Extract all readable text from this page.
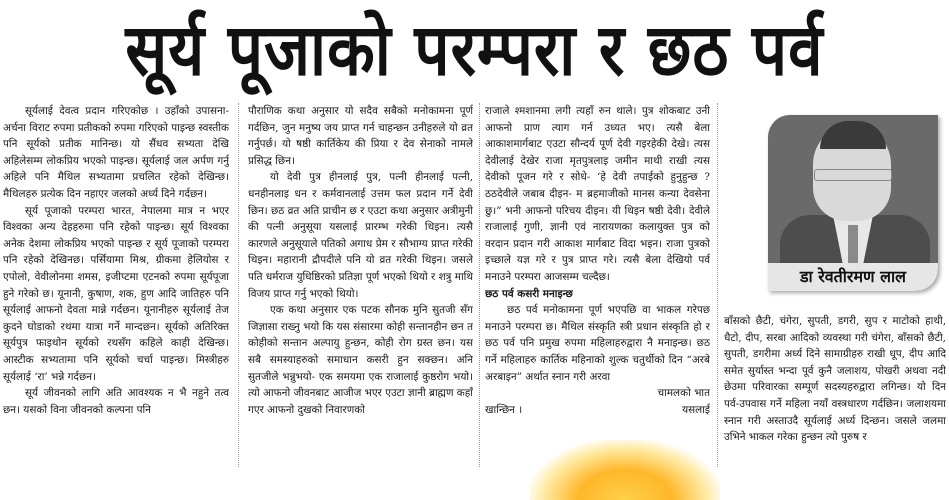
सूर्य पूजाको परम्परा र छठ पर्व

सूर्यलाई देवत्व प्रदान गरिएकोछ । उहाँको उपासना-अर्चना विराट रुपमा प्रतीकको रुपमा गरिएको पाइन्छ स्वस्तीक पनि सूर्यको प्रतीक मानिन्छ। यो सैंधव सभ्यता देखि अहिलेसम्म लोकप्रिय भएको पाइन्छ। सूर्यलाई जल अर्पण गर्नु अहिले पनि मैथिल सभ्यतामा प्रचलित रहेको देखिन्छ। मैथिलहरु प्रत्येक दिन नहाएर जलको अर्ध्य दिने गर्दछन।

सूर्य पूजाको परम्परा भारत, नेपालमा मात्र न भएर विश्वका अन्य देहहरुमा पनि रहेको पाइन्छ। सूर्य विश्वका अनेक देशमा लोकप्रिय भएको पाइन्छ र सूर्य पूजाको परम्परा पनि रहेको देखिनछ। पर्सियामा मिश्र, ग्रीकमा हेलियोस र एपोलो, वेवीलोनमा शमस, इजीप्टमा एटनको रुपमा सूर्यपूजा हुने गरेको छ। यूनानी, कुषाण, शक, हुण आदि जातिहरु पनि सूर्यलाई आफनो देवता मान्ने गर्दछन। यूनानीहरु सूर्यलाई तेज कुदने घोडाको रथमा यात्रा गर्ने मान्दछन। सूर्यको अतिरिक्त सूर्यपुत्र फाइथोन सूर्यको रथसँग कहिले काही देखिन्छ। आस्टीक सभ्यतामा पनि सूर्यको चर्चा पाइन्छ। मिस्त्रीहरु सूर्यलाई ‘रा’ भन्ने गर्दछन।

सूर्य जीवनको लागि अति आवश्यक न भै नहुने तत्व छन। यसको विना जीवनको कल्पना पनि

पौराणिक कथा अनुसार यो सदैव सबैको मनोकामना पूर्ण गर्दछिन, जुन मनुष्य जय प्राप्त गर्न चाहन्छन उनीहरुले यो व्रत गर्नुपर्छ। यो षष्ठी कार्तिकेय की प्रिया र देव सेनाको नामले प्रसिद्ध छिन।

यो देवी पुत्र हीनलाई पुत्र, पत्नी हीनलाई पत्नी, धनहीनलाइ धन र कर्मवानलाई उत्तम फल प्रदान गर्ने देवी छिन। छठ व्रत अति प्राचीन छ र एउटा कथा अनुसार अत्रीमुनी की पत्नी अनुसूया यसलाई प्रारम्भ गरेकी थिइन। त्यसै कारणले अनुसूयाले पतिको अगाध प्रेम र सौभाग्य प्राप्त गरेकी थिइन। महारानी द्रौपदीले पनि यो व्रत गरेकी थिइन। जसले पति धर्मराज युधिष्ठिरको प्रतिज्ञा पूर्ण भएको थियो र शत्रु माथि विजय प्राप्त गर्नु भएको थियो।

एक कथा अनुसार एक पटक सौनक मुनि सुतजी सँग जिज्ञासा राख्नु भयो कि यस संसारमा कोही सन्तानहीन छन त कोहीको सन्तान अल्पायु हुन्छन, कोही रोग ग्रस्त छन। यस सबै समस्याहरुको समाधान कसरी हुन सक्छन। अनि सुतजीले भन्नुभयो- एक समयमा एक राजालाई कुष्ठरोग भयो। त्यो आफनो जीवनबाट आजीज भएर एउटा ज्ञानी ब्राह्मण कहाँ गएर आफनो दुखको निवारणको

राजाले श्मशानमा लगी त्यहाँ रुन थाले। पुत्र शोकबाट उनी आफनो प्राण त्याग गर्न उध्यत भए। त्यसै बेला आकाशमार्गबाट एउटा सौन्दर्य पूर्ण देवी गइरहेकी देखे। त्यस देवीलाई देखेर राजा मृतपुत्रलाइ जमीन माथी राखी त्यस देवीको पूजन गरे र सोधे- ‘हे देवी तपाईको हुनुहुन्छ ? ठठदेवीले जबाब दीइन- म ब्रहमाजीको मानस कन्या देवसेना छु।” भनी आफनो परिचय दीइन। यी थिइन षष्ठी देवी। देवीले राजालाई गुणी, ज्ञानी एवं नारायणका कलायुक्त पुत्र को वरदान प्रदान गरी आकाश मार्गबाट विदा भइन। राजा पुत्रको इच्छाले यज्ञ गरे र पुत्र प्राप्त गरे। त्यसै बेला देखियो पर्व मनाउने परम्परा आजसम्म चल्दैछ।

छठ पर्व कसरी मनाइन्छ

छठ पर्व मनोकामना पूर्ण भएपछि वा भाकल गरेपछ मनाउने परम्परा छ। मैथिल संस्कृति स्त्री प्रधान संस्कृति हो र छठ पर्व पनि प्रमुख रुपमा महिलाहरुद्वारा नै मनाइन्छ। छठ गर्ने महिलाहरु कार्तिक महिनाको शुल्क चतुर्थीको दिन “अरबे अरबाइन” अर्थात स्नान गरी अरवा

चामलको भात

खान्छिन ।	यसलाई

डा रेवतीरमण लाल

बाँसको छैटी, चंगेरा, सुपती, डगरी, सुप र माटोको हाथी, धैटो, दीप, सरबा आदिको व्यवस्था गरी चंगेरा, बाँसको छैटी, सुपती, डगरीमा अर्ध्य दिने सामाग्रीहरु राखी धूप, दीप आदि समेत सुर्यास्त भन्दा पूर्व कुनै जलाशय, पोखरी अथवा नदी छेउमा परिवारका सम्पूर्ण सदस्यहरुद्वारा लगिन्छ। यो दिन पर्व-उपवास गर्ने महिला नयाँ वस्त्रधारण गर्दछिन। जलाशयमा स्नान गरी अस्ताउदै सूर्यलाई अर्ध्य दिन्छन। जसले जलमा उभिने भाकल गरेका हुन्छन त्यो पुरुष र
